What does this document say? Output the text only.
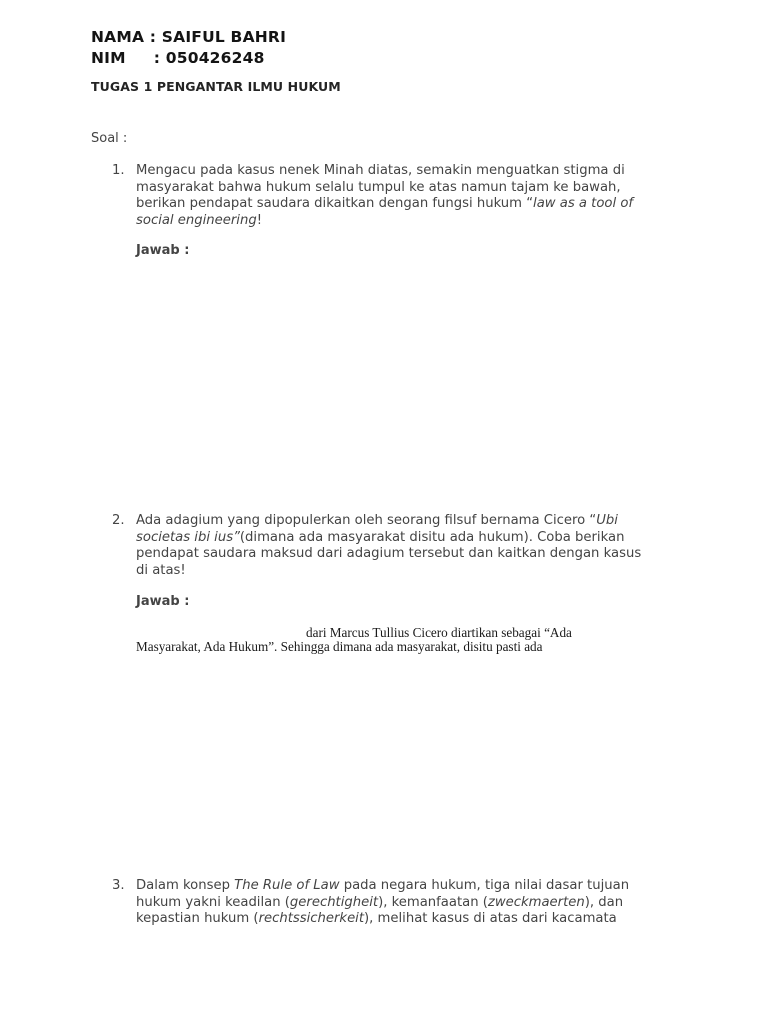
NAMA : SAIFUL BAHRI
NIM     : 050426248
TUGAS 1 PENGANTAR ILMU HUKUM
Soal :
1. Mengacu pada kasus nenek Minah diatas, semakin menguatkan stigma di
masyarakat bahwa hukum selalu tumpul ke atas namun tajam ke bawah,
berikan pendapat saudara dikaitkan dengan fungsi hukum “law as a tool of
social engineering!
Jawab :
2. Ada adagium yang dipopulerkan oleh seorang filsuf bernama Cicero “Ubi
societas ibi ius”(dimana ada masyarakat disitu ada hukum). Coba berikan
pendapat saudara maksud dari adagium tersebut dan kaitkan dengan kasus
di atas!
Jawab :
dari Marcus Tullius Cicero diartikan sebagai “Ada
Masyarakat, Ada Hukum”. Sehingga dimana ada masyarakat, disitu pasti ada
3. Dalam konsep The Rule of Law pada negara hukum, tiga nilai dasar tujuan
hukum yakni keadilan (gerechtigheit), kemanfaatan (zweckmaerten), dan
kepastian hukum (rechtssicherkeit), melihat kasus di atas dari kacamata
